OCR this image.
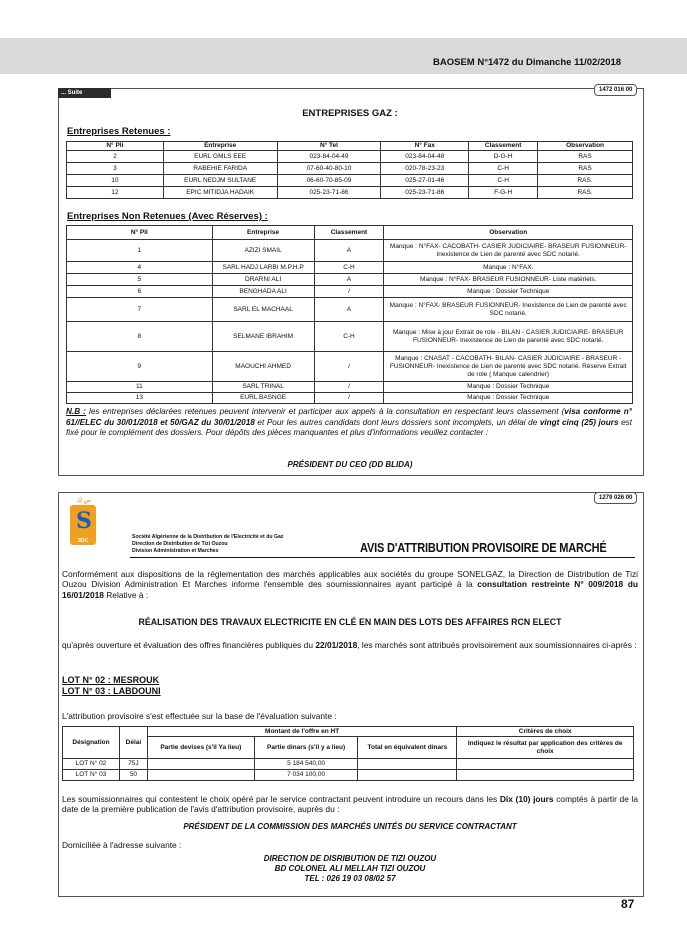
BAOSEM N°1472 du Dimanche 11/02/2018
... Suite	1472 016 00
ENTREPRISES GAZ :
Entreprises Retenues :
N° Pli	Entreprise	N° Tel	N° Fax	Classement	Observation
2	EURL GMLS EEE	023-84-04-49	023-84-04-48	D-G-H	RAS
3	RABEHIE FARIDA	07-60-40-80-10	020-78-23-23	C-H	RAS
10	EURL NEDJM SULTANE	06-60-70-85-09	025-27-01-46	C-H	RAS.
12	EPIC MITIDJA HADAIK	025-23-71-86	025-23-71-86	F-G-H	RAS.
Entreprises Non Retenues (Avec Réserves) :
N° Pli	Entreprise	Classement	Observation
1	AZIZI SMAIL	A	Manque : N°FAX- CACOBATH- CASIER JUDICIAIRE- BRASEUR FUSIONNEUR- Inexistence de Lien de parenté avec SDC notarié.
4	SARL HADJ LARBI M.P.H.P	C-H	Manque : N°FAX.
5	DRARNI ALI	A	Manque : N°FAX- BRASEUR FUSIONNEUR- Liste matériels.
6	BENGHADA ALI	/	Manque : Dossier Technique
7	SARL EL MACHAAL	A	Manque : N°FAX- BRASEUR FUSIONNEUR- Inexistence de Lien de parenté avec SDC notarié.
8	SELMANE IBRAHIM	C-H	Manque : Mise à jour Extrait de role - BILAN - CASIER JUDICIAIRE- BRASEUR FUSIONNEUR- Inexistence de Lien de parenté avec SDC notarié.
9	MAOUCHI AHMED	/	Manque : CNASAT - CACOBATH- BILAN- CASIER JUDICIAIRE - BRASEUR - FUSIONNEUR- Inexistence de Lien de parenté avec SDC notarié. Réserve Extrait de role ( Manque calendrier)
11	SARL TRINAL	/	Manque : Dossier Technique
13	EURL BASNGE	/	Manque : Dossier Technique
N.B : les entreprises déclarées retenues peuvent intervenir et participer aux appels à la consultation en respectant leurs classement (visa conforme n° 61//ELEC du 30/01/2018 et 50/GAZ du 30/01/2018 et Pour les autres candidats dont leurs dossiers sont incomplets, un délai de vingt cinq (25) jours est fixé pour le complément des dossiers. Pour dépôts des pièces manquantes et plus d'informations veuillez contacter :
PRÉSIDENT DU CEO (DD BLIDA)
1279 026 00
س ك
S
SDC
Société Algérienne de la Distribution de l'Electricité et du Gaz
Direction de Distribution de Tizi Ouzou
Division Administration et Marches	AVIS D'ATTRIBUTION PROVISOIRE DE MARCHÉ
Conformément aux dispositions de la réglementation des marchés applicables aux sociétés du groupe SONELGAZ, la Direction de Distribution de Tizi Ouzou Division Administration Et Marches informe l'ensemble des soumissionnaires ayant participé à la consultation restreinte N° 009/2018 du 16/01/2018 Relative à :
RÉALISATION DES TRAVAUX ELECTRICITE EN CLÉ EN MAIN DES LOTS DES AFFAIRES RCN ELECT
qu'après ouverture et évaluation des offres financières publiques du 22/01/2018, les marchés sont attribués provisoirement aux soumissionnaires ci-après :
LOT N° 02 : MESROUK
LOT N° 03 : LABDOUNI
L'attribution provisoire s'est effectuée sur la base de l'évaluation suivante :
Désignation	Délai	Montant de l'offre en HT			Critères de choix
		Partie devises (s'il Ya lieu)	Partie dinars (s'il y a lieu)	Total en équivalent dinars	Indiquez le résultat par application des critères de choix
LOT N° 02	75J		5 184 540,00		
LOT N° 03	50		7 034 100,00		
Les soumissionnaires qui contestent le choix opéré par le service contractant peuvent introduire un recours dans les Dix (10) jours comptés à partir de la date de la première publication de l'avis d'attribution provisoire, auprès du :
PRÉSIDENT DE LA COMMISSION DES MARCHÉS UNITÉS DU SERVICE CONTRACTANT
Domiciliée à l'adresse suivante :
DIRECTION DE DISRIBUTION DE TIZI OUZOU
BD COLONEL ALI MELLAH TIZI OUZOU
TEL : 026 19 03 08/02 57
87
